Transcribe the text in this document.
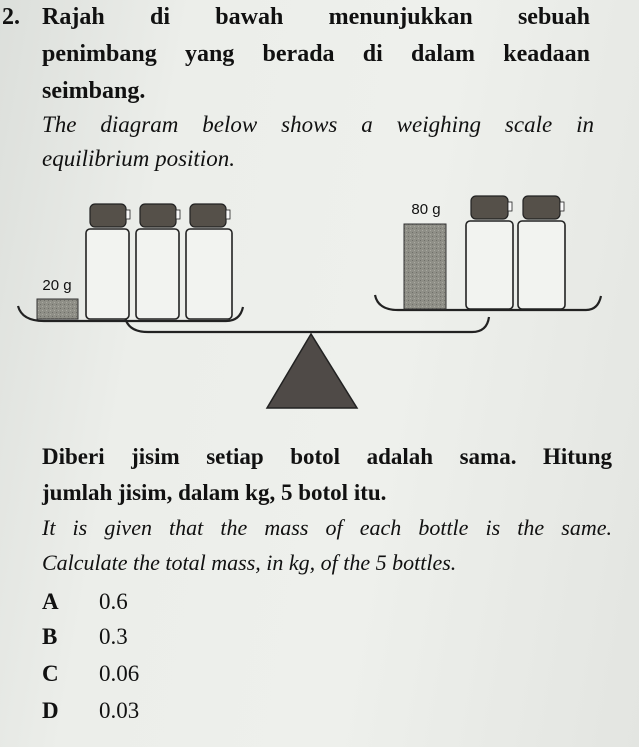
2. Rajah di bawah menunjukkan sebuah
penimbang yang berada di dalam keadaan
seimbang.
The diagram below shows a weighing scale in
equilibrium position.
20 g
80 g
Diberi jisim setiap botol adalah sama. Hitung
jumlah jisim, dalam kg, 5 botol itu.
It is given that the mass of each bottle is the same.
Calculate the total mass, in kg, of the 5 bottles.
A 0.6
B 0.3
C 0.06
D 0.03
